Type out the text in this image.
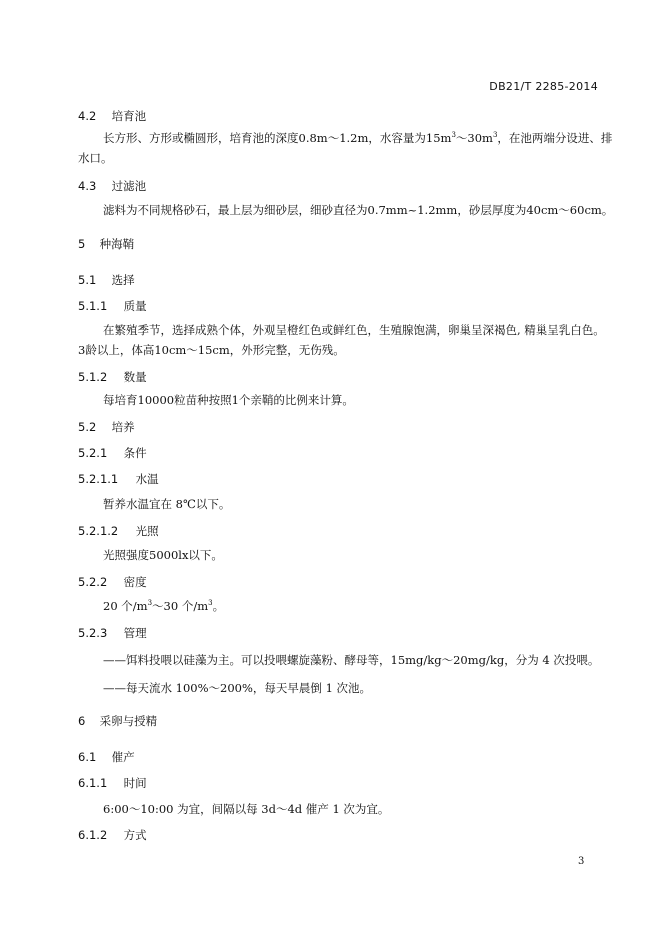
DB21/T 2285-2014
4.2 培育池
长方形、方形或椭圆形，培育池的深度0.8m～1.2m，水容量为$15m^3\sim 30m^3$，在池两端分设进、排
水口。
4.3 过滤池
滤料为不同规格砂石，最上层为细砂层，细砂直径为0.7mm~1.2mm，砂层厚度为40cm～60cm。
5 种海鞘
5.1 选择
5.1.1 质量
在繁殖季节，选择成熟个体，外观呈橙红色或鲜红色，生殖腺饱满，卵巢呈深褐色, 精巢呈乳白色。
3龄以上，体高10cm～15cm，外形完整，无伤残。
5.1.2 数量
每培育10000粒苗种按照1个亲鞘的比例来计算。
5.2 培养
5.2.1 条件
5.2.1.1 水温
暂养水温宜在 8℃以下。
5.2.1.2 光照
光照强度5000lx以下。
5.2.2 密度
20 个$/m^3\sim 30$ 个$/m^3$。
5.2.3 管理
——饵料投喂以硅藻为主。可以投喂螺旋藻粉、酵母等，15mg/kg～20mg/kg，分为 4 次投喂。
——每天流水 100%～200%，每天早晨倒 1 次池。
6 采卵与授精
6.1 催产
6.1.1 时间
6:00～10:00 为宜，间隔以每 3d～4d 催产 1 次为宜。
6.1.2 方式
3
